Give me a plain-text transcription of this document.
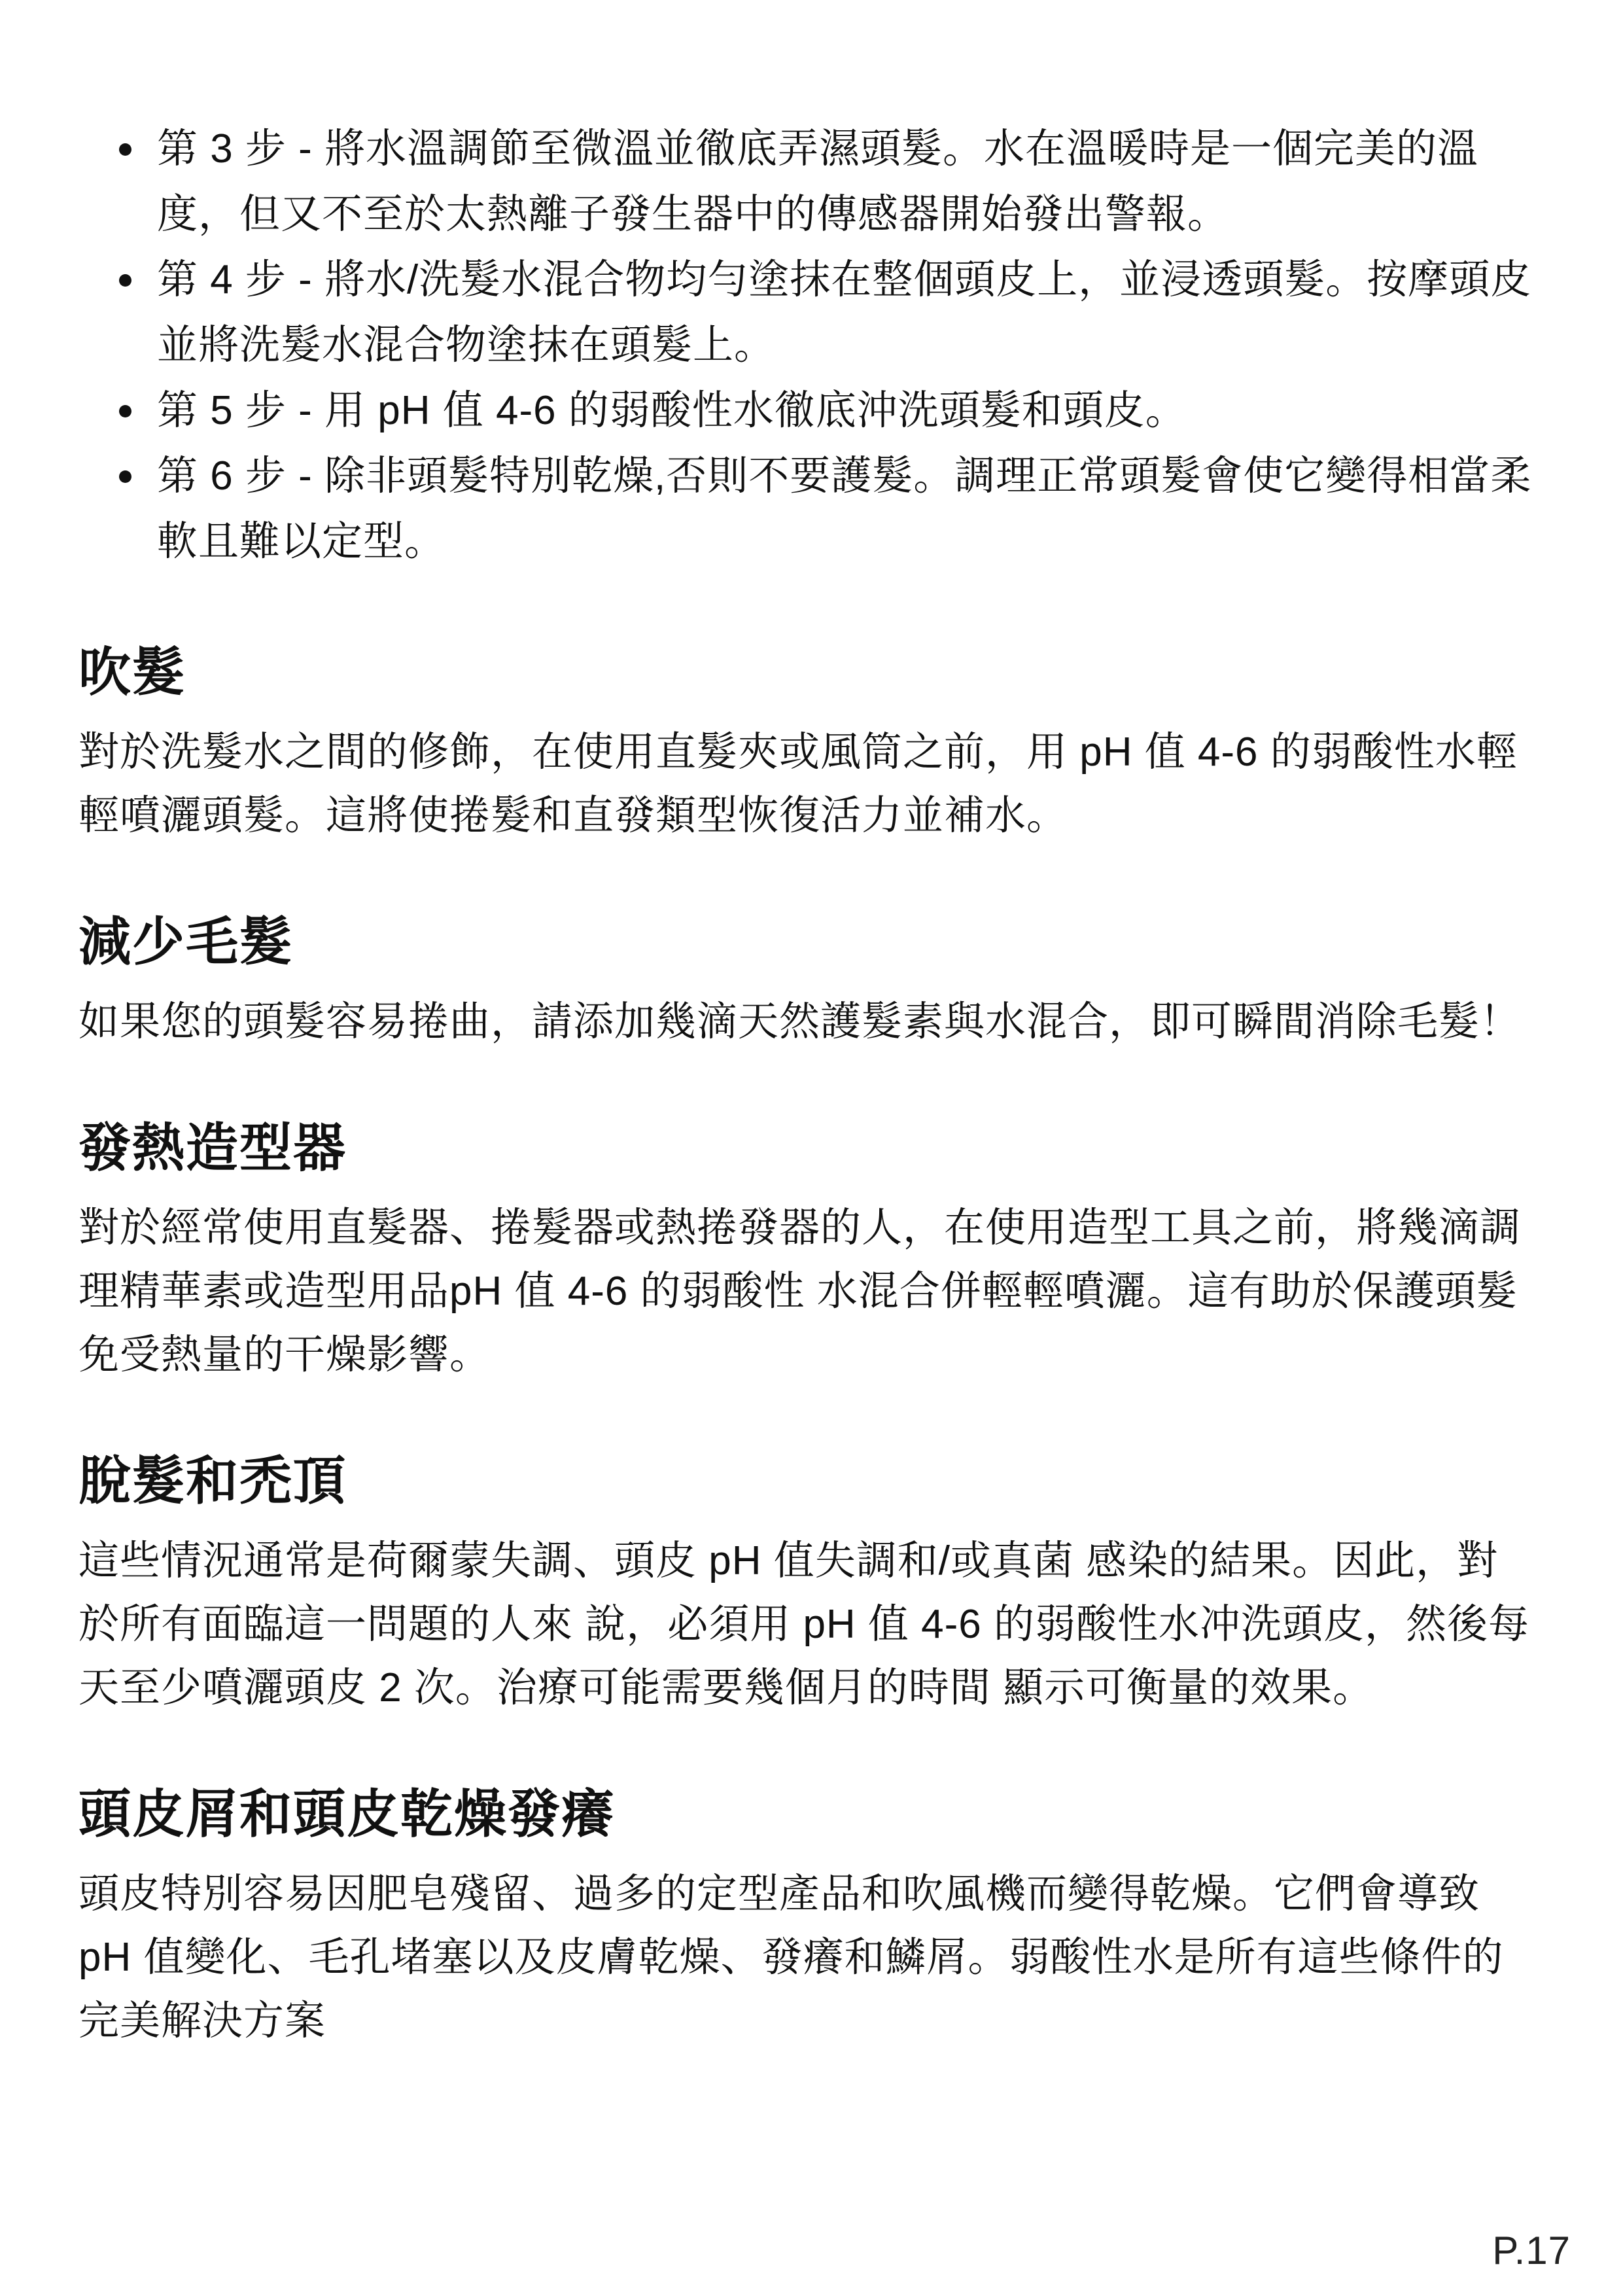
第 3 步 - 將水溫調節至微溫並徹底弄濕頭髮。水在溫暖時是一個完美的溫度，但又不至於太熱離子發生器中的傳感器開始發出警報。
第 4 步 - 將水/洗髮水混合物均勻塗抹在整個頭皮上，並浸透頭髮。按摩頭皮並將洗髮水混合物塗抹在頭髮上。
第 5 步 - 用 pH 值 4-6 的弱酸性水徹底沖洗頭髮和頭皮。
第 6 步 - 除非頭髮特別乾燥,否則不要護髮。調理正常頭髮會使它變得相當柔軟且難以定型。
吹髮

對於洗髮水之間的修飾，在使用直髮夾或風筒之前，用 pH 值 4-6 的弱酸性水輕輕噴灑頭髮。這將使捲髮和直發類型恢復活力並補水。

減少毛髮

如果您的頭髮容易捲曲，請添加幾滴天然護髮素與水混合，即可瞬間消除毛髮！

發熱造型器

對於經常使用直髮器、捲髮器或熱捲發器的人，在使用造型工具之前，將幾滴調理精華素或造型用品pH 值 4-6 的弱酸性 水混合併輕輕噴灑。這有助於保護頭髮免受熱量的干燥影響。

脫髮和禿頂

這些情況通常是荷爾蒙失調、頭皮 pH 值失調和/或真菌 感染的結果。因此，對於所有面臨這一問題的人來 說，必須用 pH 值 4-6 的弱酸性水冲洗頭皮，然後每天至少噴灑頭皮 2 次。治療可能需要幾個月的時間 顯示可衡量的效果。

頭皮屑和頭皮乾燥發癢

頭皮特別容易因肥皂殘留、過多的定型產品和吹風機而變得乾燥。它們會導致 pH 值變化、毛孔堵塞以及皮膚乾燥、發癢和鱗屑。弱酸性水是所有這些條件的完美解決方案

P.17
